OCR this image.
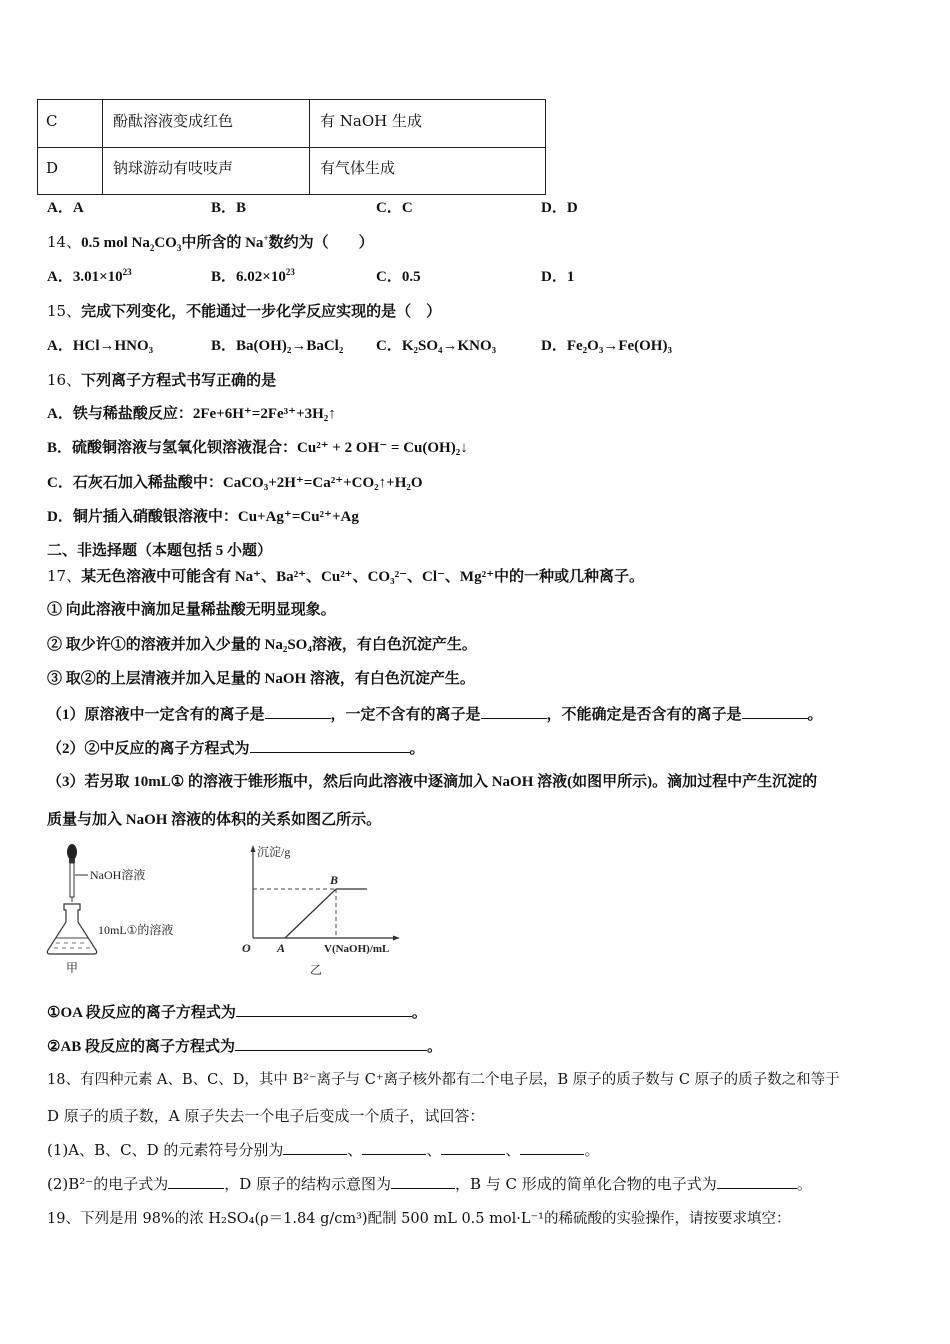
C	酚酞溶液变成红色	有 NaOH 生成
D	钠球游动有吱吱声	有气体生成
A．A	B．B	C．C	D．D
14、0.5 mol $Na_2CO_3$中所含的 Na+数约为（　　）
A．$3.01\times 10^{23}$	B．$6.02\times 10^{23}$	C．0.5	D．1
15、完成下列变化，不能通过一步化学反应实现的是（　）
A．HCl→HNO₃	B．Ba(OH)₂→BaCl₂ C．K₂SO₄→KNO₃	D．Fe₂O₃→Fe(OH)₃
16、下列离子方程式书写正确的是
A．铁与稀盐酸反应：2Fe+6H⁺=2Fe³⁺+3H₂↑
B．硫酸铜溶液与氢氧化钡溶液混合：Cu²⁺ + 2 OH⁻ = Cu(OH)₂↓
C．石灰石加入稀盐酸中：CaCO₃+2H⁺=Ca²⁺+CO₂↑+H₂O
D．铜片插入硝酸银溶液中：Cu+Ag⁺=Cu²⁺+Ag
二、非选择题（本题包括 5 小题）
17、某无色溶液中可能含有 Na⁺、Ba²⁺、Cu²⁺、CO₃²⁻、Cl⁻、Mg²⁺中的一种或几种离子。
① 向此溶液中滴加足量稀盐酸无明显现象。
② 取少许①的溶液并加入少量的 Na₂SO₄溶液，有白色沉淀产生。
③ 取②的上层清液并加入足量的 NaOH 溶液，有白色沉淀产生。
（1）原溶液中一定含有的离子是	，一定不含有的离子是	，不能确定是否含有的离子是	。
（2）②中反应的离子方程式为	。
（3）若另取 10mL① 的溶液于锥形瓶中，然后向此溶液中逐滴加入 NaOH 溶液(如图甲所示)。滴加过程中产生沉淀的
质量与加入 NaOH 溶液的体积的关系如图乙所示。
NaOH溶液
10mL①的溶液
甲
沉淀/g
B
O A	V(NaOH)/mL
乙
①OA 段反应的离子方程式为	。
②AB 段反应的离子方程式为	。
18、有四种元素 A、B、C、D，其中 B²⁻离子与 C⁺离子核外都有二个电子层，B 原子的质子数与 C 原子的质子数之和等于
D 原子的质子数，A 原子失去一个电子后变成一个质子，试回答：
(1)A、B、C、D 的元素符号分别为	、	、	、	。
(2)B²⁻的电子式为	，D 原子的结构示意图为	，B 与 C 形成的简单化合物的电子式为	。
19、下列是用 98%的浓 H₂SO₄(ρ＝1.84 g/cm³)配制 500 mL 0.5 mol·L⁻¹的稀硫酸的实验操作，请按要求填空：
